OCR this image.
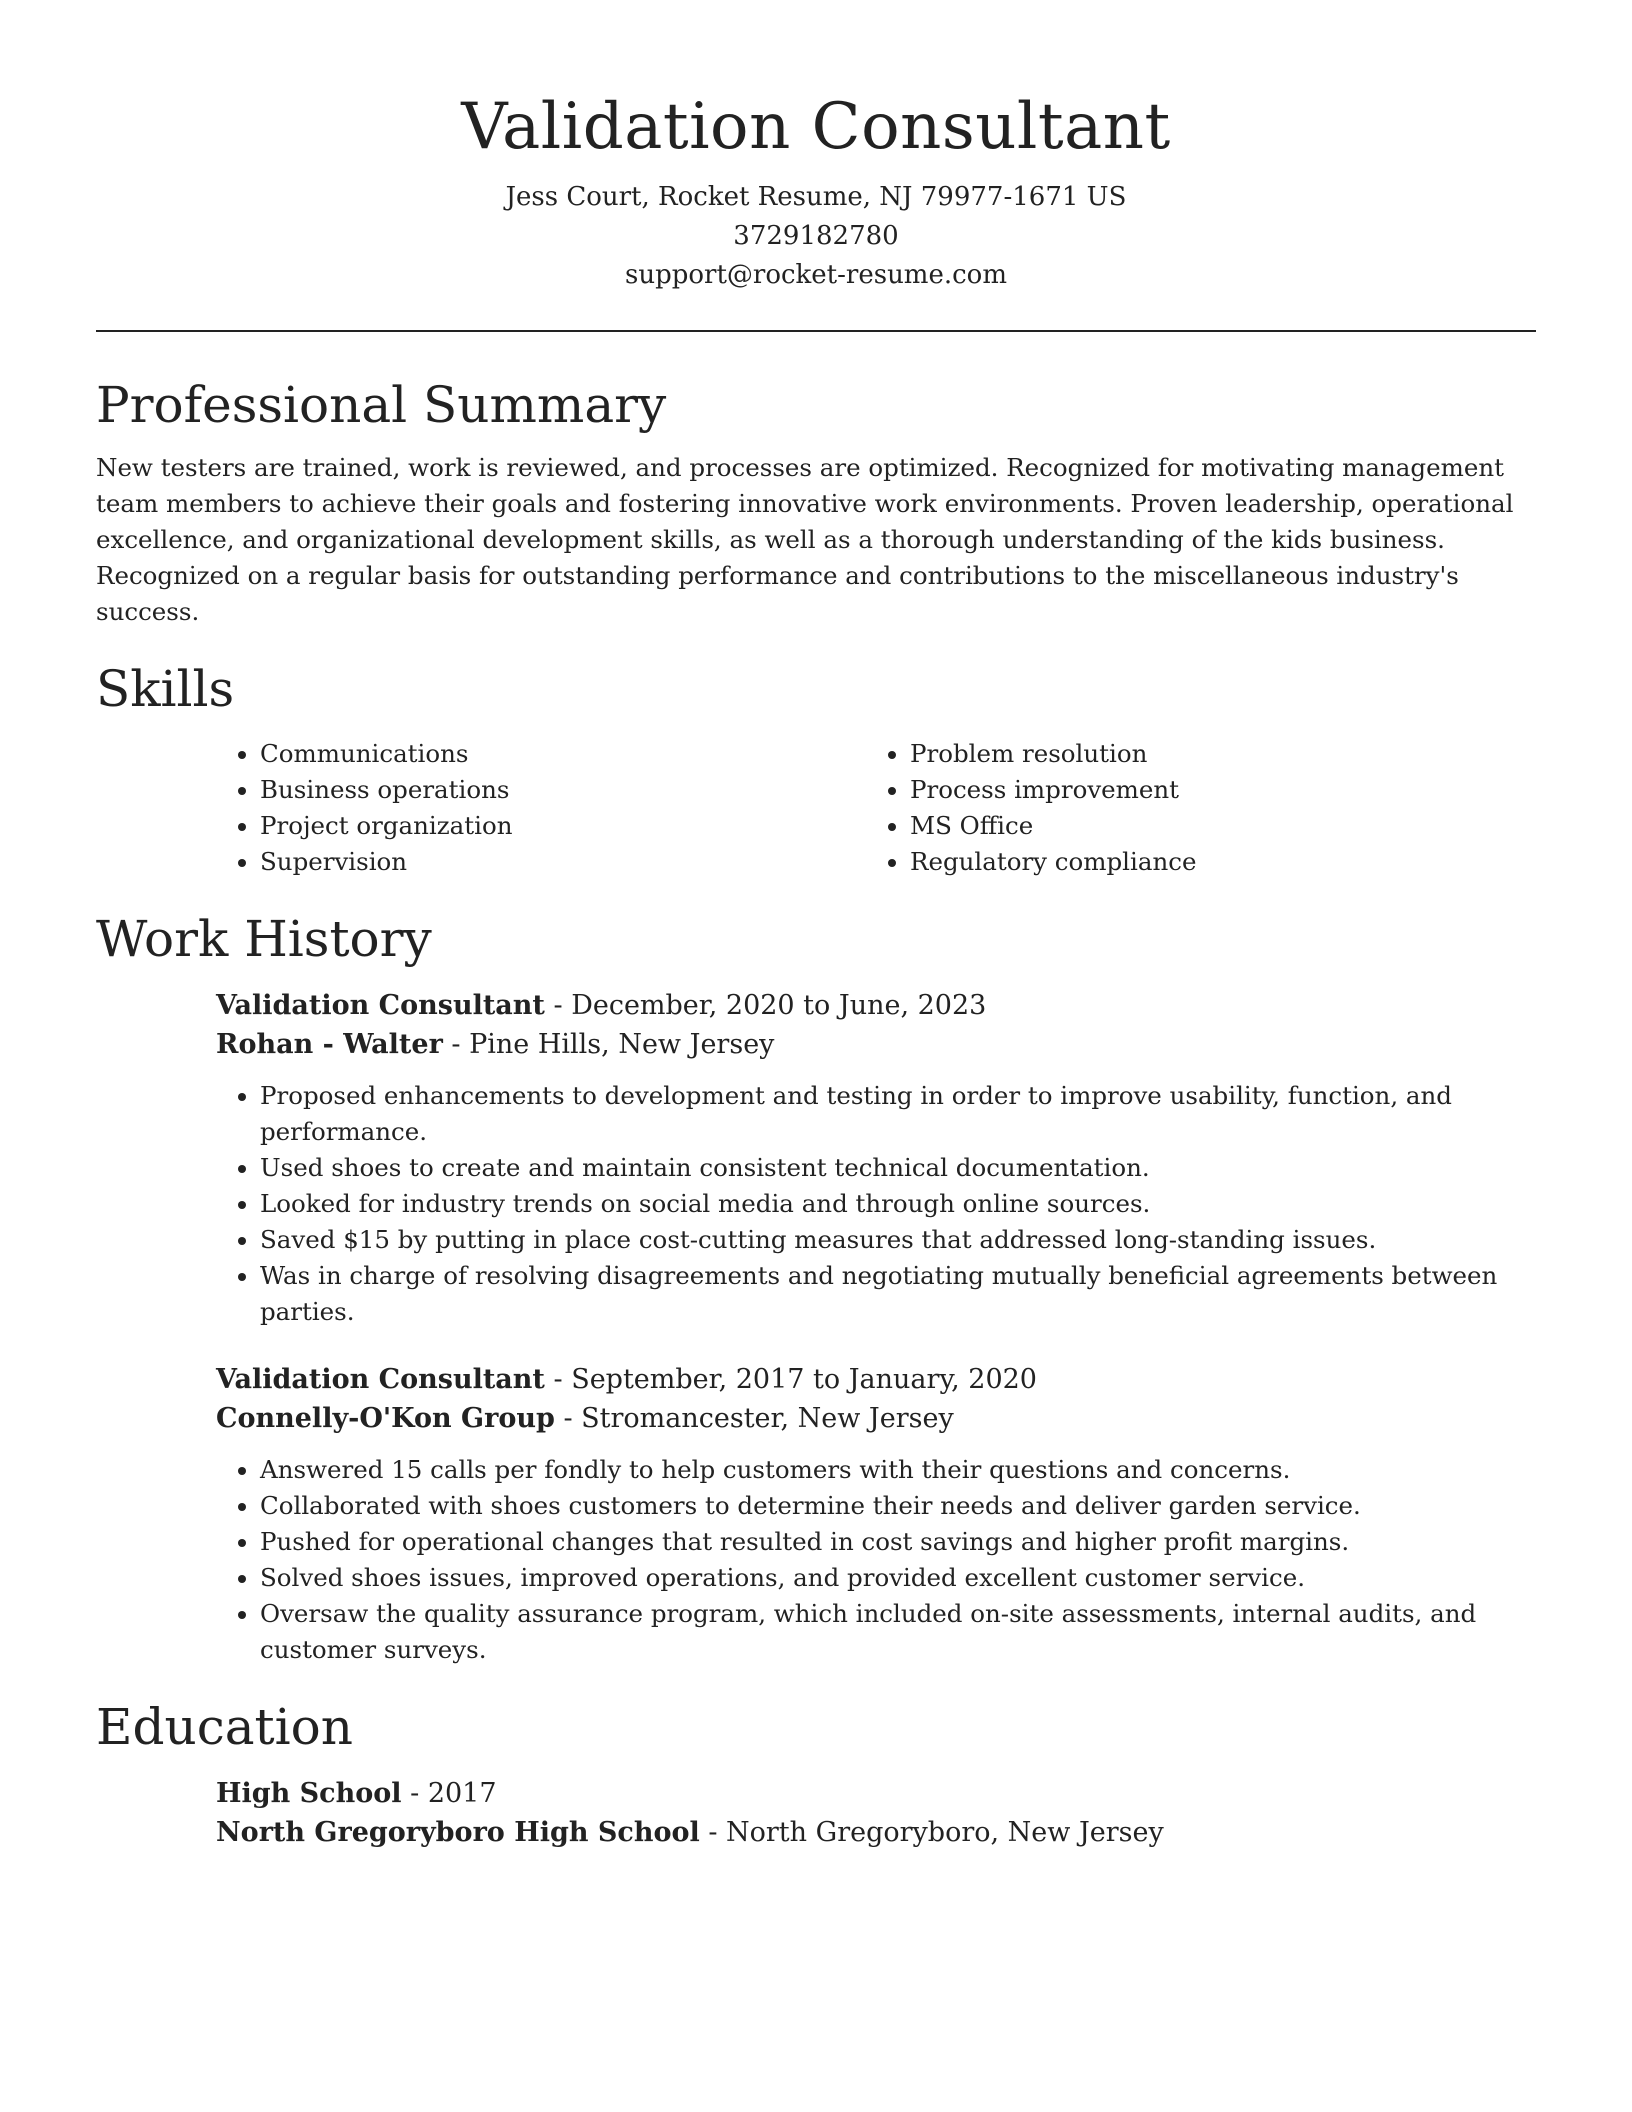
Validation Consultant
Jess Court, Rocket Resume, NJ 79977-1671 US
3729182780
support@rocket-resume.com
Professional Summary

New testers are trained, work is reviewed, and processes are optimized. Recognized for motivating management team members to achieve their goals and fostering innovative work environments. Proven leadership, operational excellence, and organizational development skills, as well as a thorough understanding of the kids business. Recognized on a regular basis for outstanding performance and contributions to the miscellaneous industry's success.

Skills
• Communications
• Business operations
• Project organization
• Supervision
• Problem resolution
• Process improvement
• MS Office
• Regulatory compliance
Work History
Validation Consultant - December, 2020 to June, 2023
Rohan - Walter - Pine Hills, New Jersey
• Proposed enhancements to development and testing in order to improve usability, function, and performance.
• Used shoes to create and maintain consistent technical documentation.
• Looked for industry trends on social media and through online sources.
• Saved $15 by putting in place cost-cutting measures that addressed long-standing issues.
• Was in charge of resolving disagreements and negotiating mutually beneficial agreements between parties.
Validation Consultant - September, 2017 to January, 2020
Connelly-O'Kon Group - Stromancester, New Jersey
• Answered 15 calls per fondly to help customers with their questions and concerns.
• Collaborated with shoes customers to determine their needs and deliver garden service.
• Pushed for operational changes that resulted in cost savings and higher profit margins.
• Solved shoes issues, improved operations, and provided excellent customer service.
• Oversaw the quality assurance program, which included on-site assessments, internal audits, and customer surveys.
Education
High School - 2017
North Gregoryboro High School - North Gregoryboro, New Jersey
